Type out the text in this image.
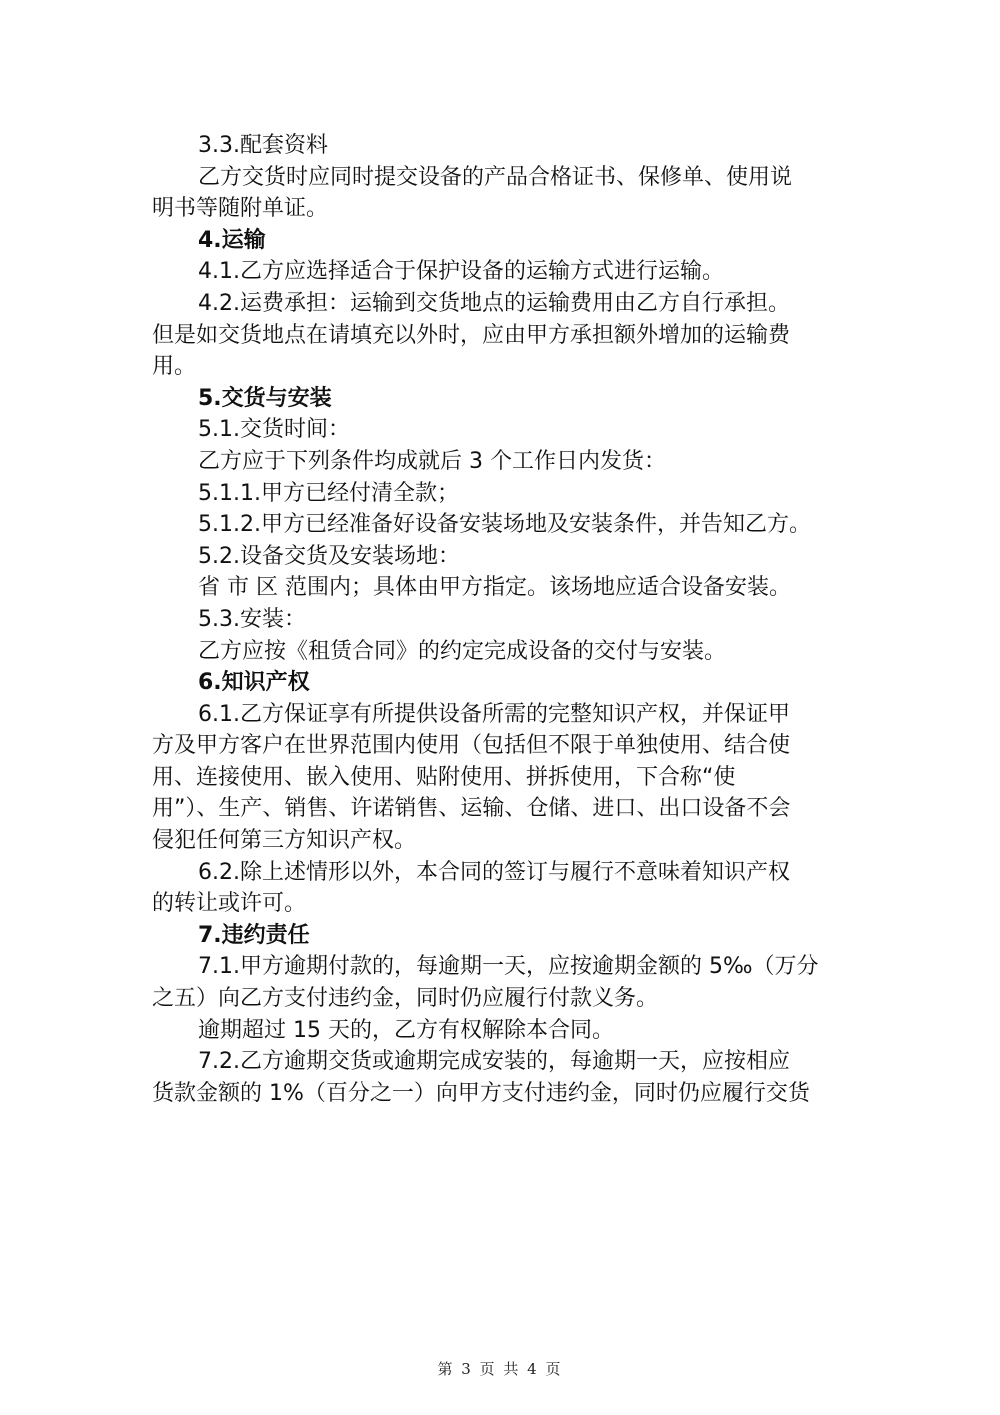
3.3.配套资料
乙方交货时应同时提交设备的产品合格证书、保修单、使用说
明书等随附单证。
4.运输
4.1.乙方应选择适合于保护设备的运输方式进行运输。
4.2.运费承担：运输到交货地点的运输费用由乙方自行承担。
但是如交货地点在请填充以外时，应由甲方承担额外增加的运输费
用。
5.交货与安装
5.1.交货时间：
乙方应于下列条件均成就后 3 个工作日内发货：
5.1.1.甲方已经付清全款；
5.1.2.甲方已经准备好设备安装场地及安装条件，并告知乙方。
5.2.设备交货及安装场地：
省 市 区 范围内；具体由甲方指定。该场地应适合设备安装。
5.3.安装：
乙方应按《租赁合同》的约定完成设备的交付与安装。
6.知识产权
6.1.乙方保证享有所提供设备所需的完整知识产权，并保证甲
方及甲方客户在世界范围内使用（包括但不限于单独使用、结合使
用、连接使用、嵌入使用、贴附使用、拼拆使用，下合称“使
用”）、生产、销售、许诺销售、运输、仓储、进口、出口设备不会
侵犯任何第三方知识产权。
6.2.除上述情形以外，本合同的签订与履行不意味着知识产权
的转让或许可。
7.违约责任
7.1.甲方逾期付款的，每逾期一天，应按逾期金额的 5‰（万分
之五）向乙方支付违约金，同时仍应履行付款义务。
逾期超过 15 天的，乙方有权解除本合同。
7.2.乙方逾期交货或逾期完成安装的，每逾期一天，应按相应
货款金额的 1%（百分之一）向甲方支付违约金，同时仍应履行交货
第 3 页 共 4 页
